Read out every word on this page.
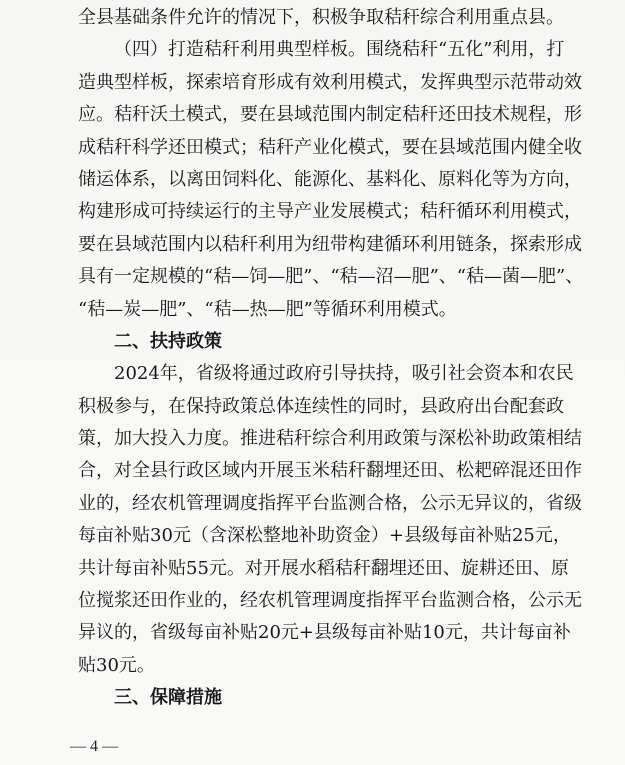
全县基础条件允许的情况下，积极争取秸秆综合利用重点县。
（四）打造秸秆利用典型样板。围绕秸秆“五化”利用，打
造典型样板，探索培育形成有效利用模式，发挥典型示范带动效
应。秸秆沃土模式，要在县域范围内制定秸秆还田技术规程，形
成秸秆科学还田模式；秸秆产业化模式，要在县域范围内健全收
储运体系，以离田饲料化、能源化、基料化、原料化等为方向，
构建形成可持续运行的主导产业发展模式；秸秆循环利用模式，
要在县域范围内以秸秆利用为纽带构建循环利用链条，探索形成
具有一定规模的“秸—饲—肥”、“秸—沼—肥”、“秸—菌—肥”、
“秸—炭—肥”、“秸—热—肥”等循环利用模式。
二、扶持政策
2024年，省级将通过政府引导扶持，吸引社会资本和农民
积极参与，在保持政策总体连续性的同时，县政府出台配套政
策，加大投入力度。推进秸秆综合利用政策与深松补助政策相结
合，对全县行政区域内开展玉米秸秆翻埋还田、松耙碎混还田作
业的，经农机管理调度指挥平台监测合格，公示无异议的，省级
每亩补贴30元（含深松整地补助资金）+县级每亩补贴25元，
共计每亩补贴55元。对开展水稻秸秆翻埋还田、旋耕还田、原
位搅浆还田作业的，经农机管理调度指挥平台监测合格，公示无
异议的，省级每亩补贴20元+县级每亩补贴10元，共计每亩补
贴30元。
三、保障措施
— 4 —
